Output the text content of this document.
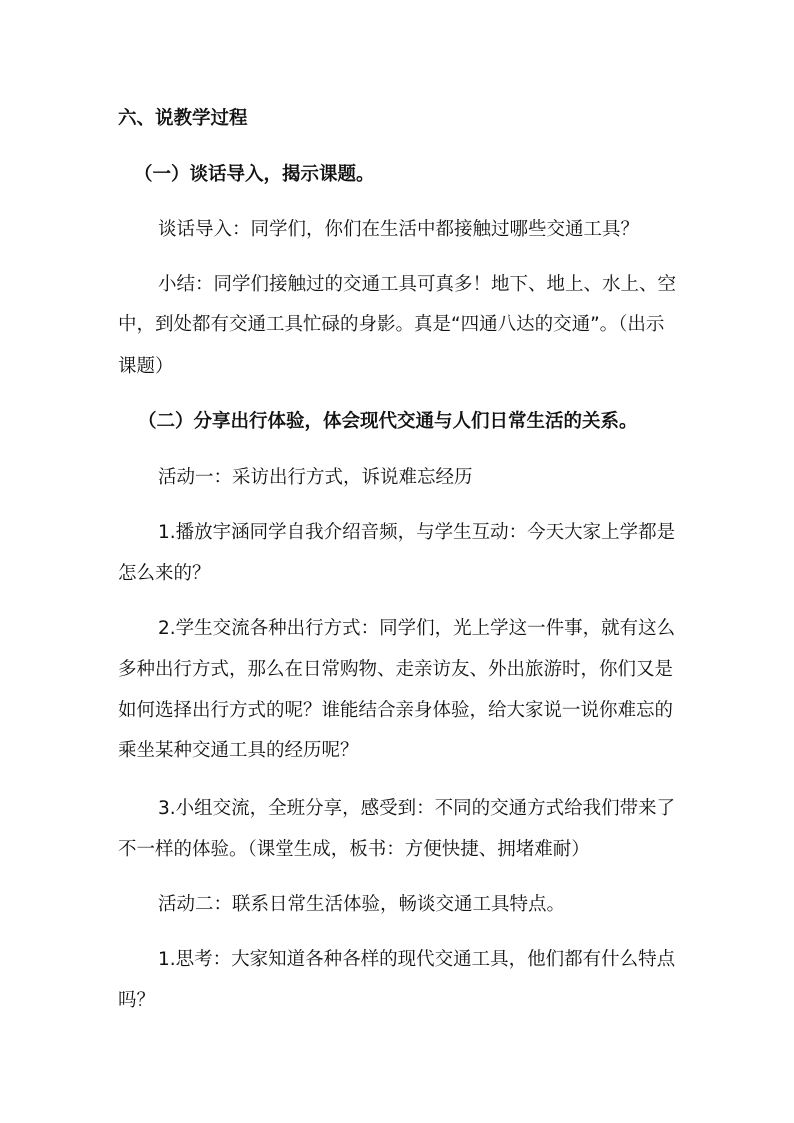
六、说教学过程
（一）谈话导入，揭示课题。
谈话导入：同学们，你们在生活中都接触过哪些交通工具？
小结：同学们接触过的交通工具可真多！地下、地上、水上、空
中，到处都有交通工具忙碌的身影。真是“四通八达的交通”。（出示
课题）
（二）分享出行体验，体会现代交通与人们日常生活的关系。
活动一：采访出行方式，诉说难忘经历
1.播放宇涵同学自我介绍音频，与学生互动：今天大家上学都是
怎么来的？
2.学生交流各种出行方式：同学们，光上学这一件事，就有这么
多种出行方式，那么在日常购物、走亲访友、外出旅游时，你们又是
如何选择出行方式的呢？谁能结合亲身体验，给大家说一说你难忘的
乘坐某种交通工具的经历呢？
3.小组交流，全班分享，感受到：不同的交通方式给我们带来了
不一样的体验。（课堂生成，板书：方便快捷、拥堵难耐）
活动二：联系日常生活体验，畅谈交通工具特点。
1.思考：大家知道各种各样的现代交通工具，他们都有什么特点
吗？
